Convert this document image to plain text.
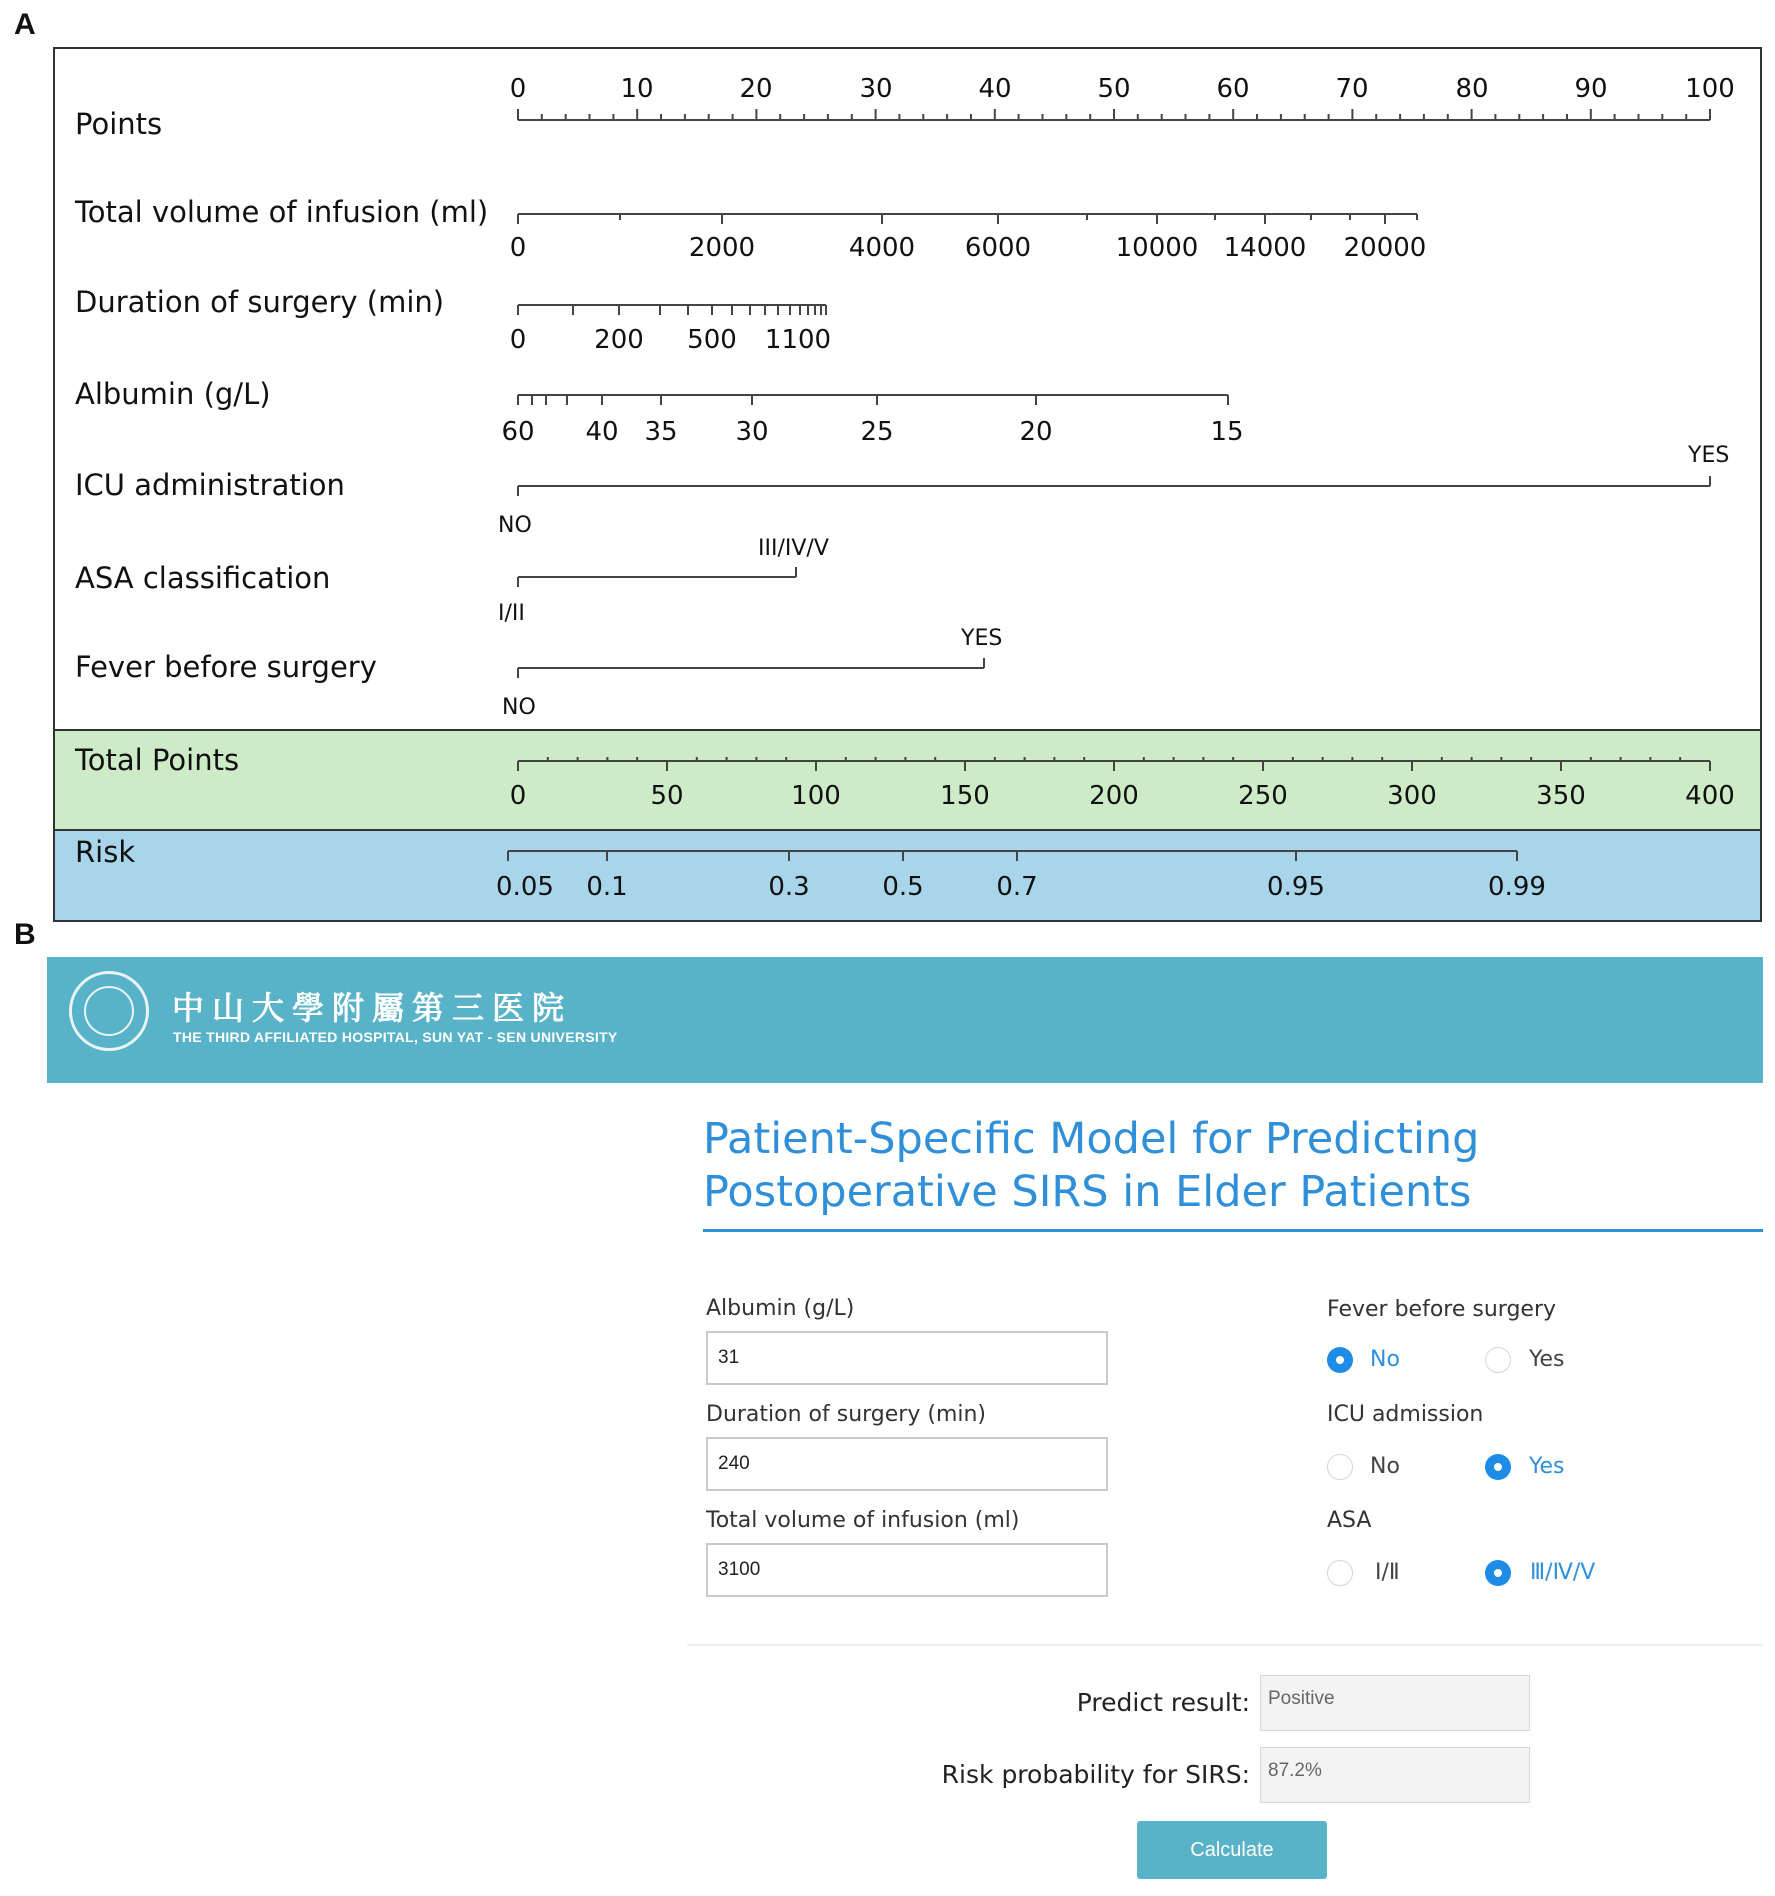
A
B
Points
Total volume of infusion (ml)
Duration of surgery (min)
Albumin (g/L)
ICU administration
ASA classification
Fever before surgery
Total Points
Risk
0	10	20	30	40	50	60	70	80	90	100
0	2000	4000 6000	10000 14000 20000
0	200 500 1100
60 40 35 30	25	20	15
NO
YES
I/II
III/IV/V
NO
YES
0	50	100	150	200	250	300	350	400
0.05 0.1	0.3	0.5	0.7	0.95	0.99
中山大學附屬第三医院
THE THIRD AFFILIATED HOSPITAL, SUN YAT - SEN UNIVERSITY
Patient-Specific Model for Predicting Postoperative SIRS in Elder Patients
Albumin (g/L)
31
Duration of surgery (min)
240
Total volume of infusion (ml)
3100
Fever before surgery
No	Yes
ICU admission
No	Yes
ASA
Ⅰ/Ⅱ	Ⅲ/Ⅳ/Ⅴ
Predict result: Positive
Risk probability for SIRS: 87.2%
Calculate
